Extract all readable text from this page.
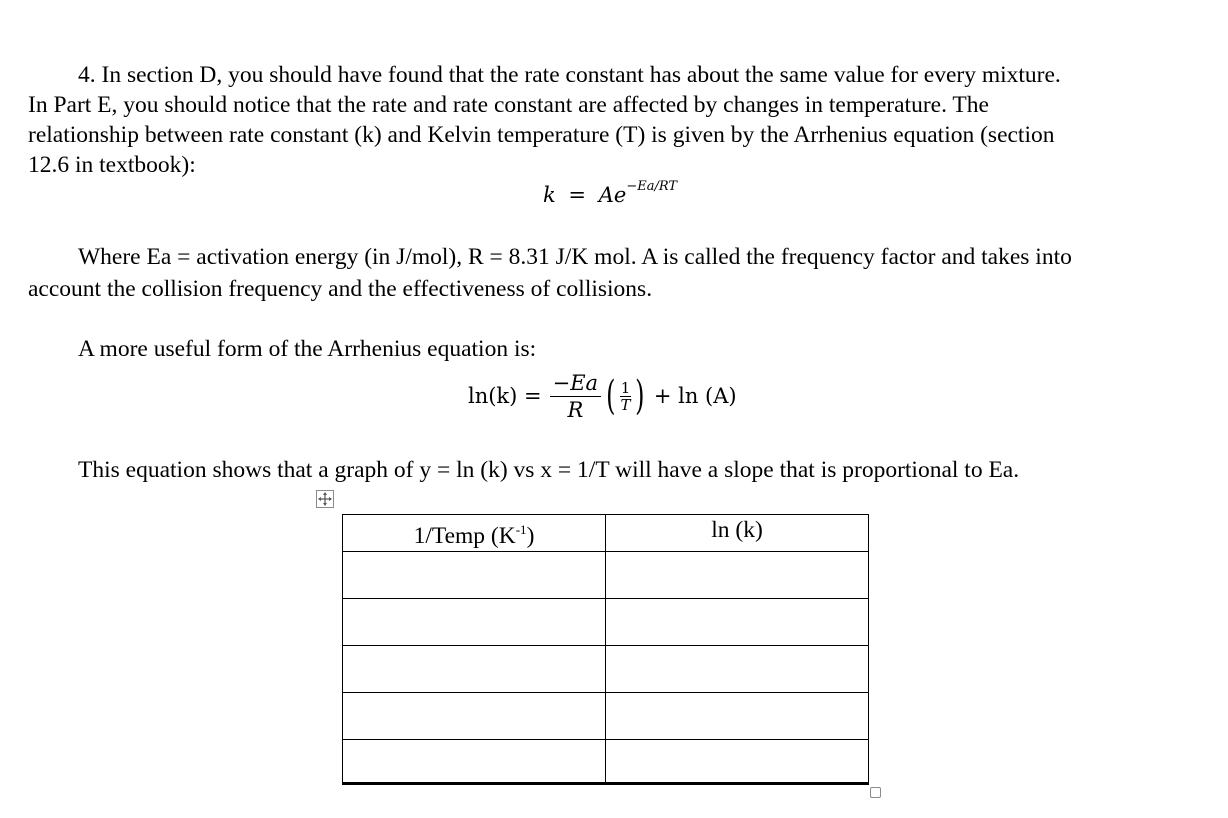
4. In section D, you should have found that the rate constant has about the same value for every mixture.
In Part E, you should notice that the rate and rate constant are affected by changes in temperature. The
relationship between rate constant (k) and Kelvin temperature (T) is given by the Arrhenius equation (section
12.6 in textbook):
$k = Ae^{-Ea/RT}$
Where Ea = activation energy (in J/mol), R = 8.31 J/K mol. A is called the frequency factor and takes into
account the collision frequency and the effectiveness of collisions.
A more useful form of the Arrhenius equation is:
$\ln(k) = \frac{-Ea}{R}$ ( $\frac{1}{T}$ ) + ln (A)
This equation shows that a graph of y = ln (k) vs x = 1/T will have a slope that is proportional to Ea.
1/Temp $(K^{-1})$	ln (k)
